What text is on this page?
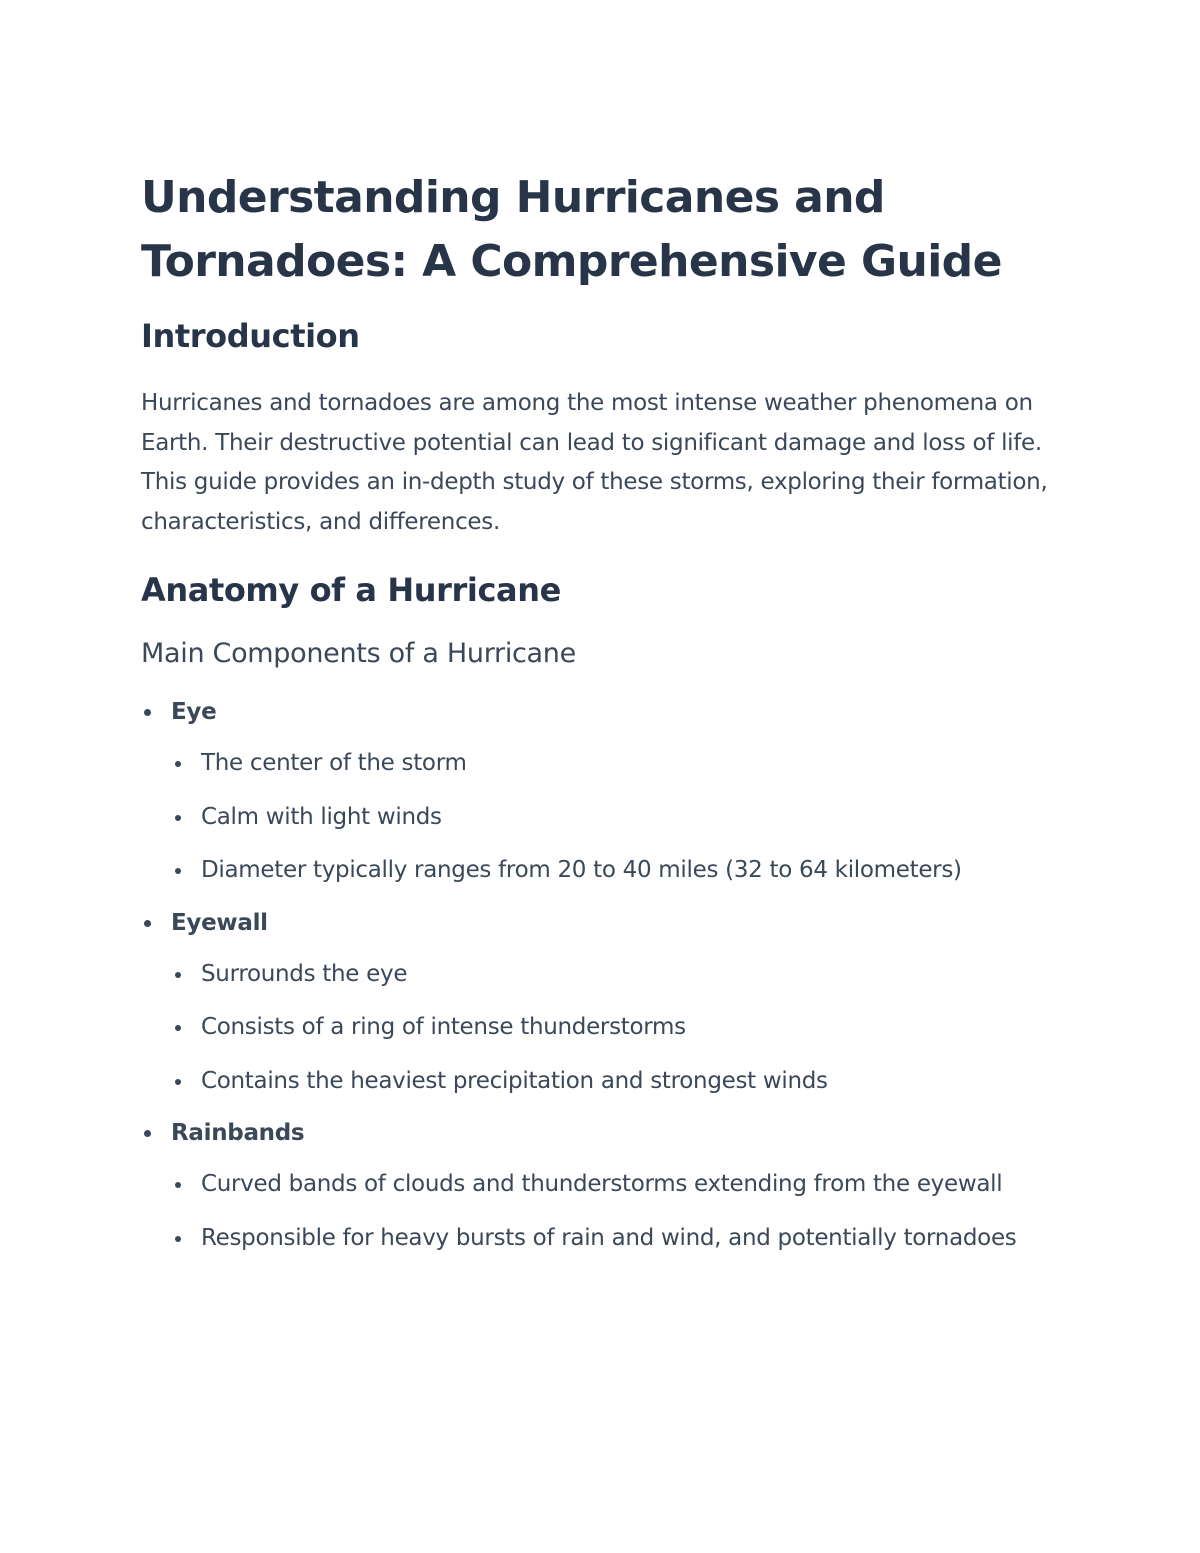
Understanding Hurricanes and Tornadoes: A Comprehensive Guide
Introduction

Hurricanes and tornadoes are among the most intense weather phenomena on Earth. Their destructive potential can lead to significant damage and loss of life. This guide provides an in-depth study of these storms, exploring their formation, characteristics, and differences.

Anatomy of a Hurricane
Main Components of a Hurricane
Eye
The center of the storm
Calm with light winds
Diameter typically ranges from 20 to 40 miles (32 to 64 kilometers)
Eyewall
Surrounds the eye
Consists of a ring of intense thunderstorms
Contains the heaviest precipitation and strongest winds
Rainbands
Curved bands of clouds and thunderstorms extending from the eyewall
Responsible for heavy bursts of rain and wind, and potentially tornadoes
